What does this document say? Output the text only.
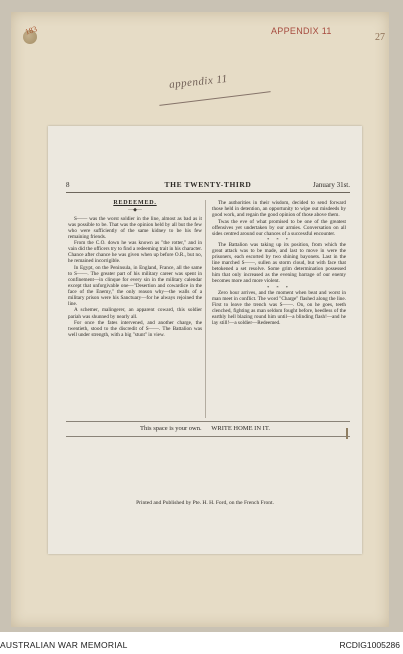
183	APPENDIX 11
27
appendix 11
8	THE TWENTY-THIRD	January 31st.
REDEEMED.
—◆—

S—— was the worst soldier in the line, almost as bad as it was possible to be. That was the opinion held by all but the few who were sufficiently of the same kidney to be his few remaining friends.

From the C.O. down he was known as "the rotter," and in vain did the officers try to find a redeeming trait in his character. Chance after chance he was given when up before O.R., but no, he remained incorrigible.

In Egypt, on the Peninsula, in England, France, all the same to S——. The greater part of his military career was spent in confinement—in clinque for every sin in the military calendar except that unforgivable one—"Desertion and cowardice in the face of the Enemy," the only reason why—the walls of a military prison were his Sanctuary—for he always rejoined the line.

A schemer, malingerer, an apparent coward, this soldier pariah was shunned by nearly all.

For once the fates intervened, and another charge, the twentieth, stood to the discredit of S——. The Battalion was well under strength, with a big "stunt" in view.

The authorities in their wisdom, decided to send forward those held in detention, an opportunity to wipe out misdeeds by good work, and regain the good opinion of those above them.

Twas the eve of what promised to be one of the greatest offensives yet undertaken by our armies. Conversation on all sides centred around our chances of a successful encounter.

* * *

The Battalion was taking up its position, from which the great attack was to be made, and last to move in were the prisoners, each escorted by two shining bayonets. Last in the line marched S——, sullen as storm cloud, but with face that betokened a set resolve. Some grim determination possessed him that only increased as the evening barrage of our enemy becomes more and more violent.

* * *

Zero hour arrives, and the moment when beat and worst in man meet in conflict. The word "Charge" flashed along the line. First to leave the trench was S——. On, on he goes, teeth clenched, fighting as man seldom fought before, heedless of the earthly hell blazing round him until—a blinding flash!—and he lay still!—a soldier—Redeemed.

This space is your own. WRITE HOME IN IT.
Printed and Published by Pte. H. H. Ford, on the French Front.
AUSTRALIAN WAR MEMORIAL	RCDIG1005286
